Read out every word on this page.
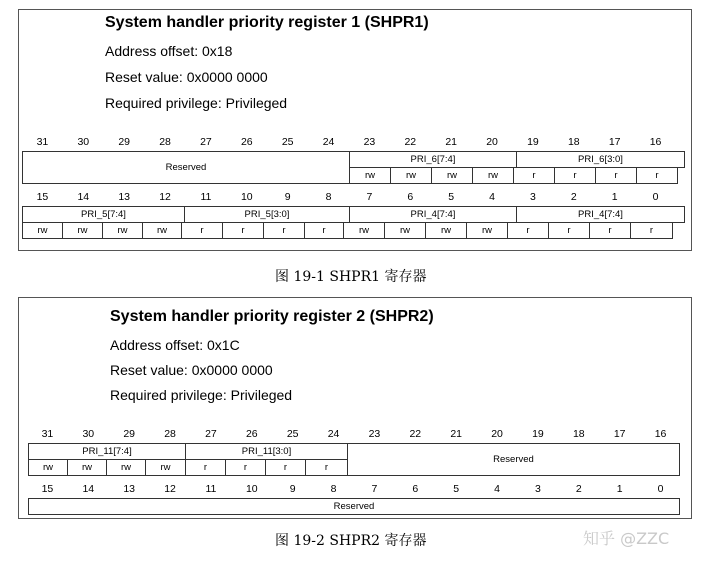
System handler priority register 1 (SHPR1)
Address offset: 0x18
Reset value: 0x0000 0000
Required privilege: Privileged
31	30	29	28	27	26	25	24	23	22	21	20	19	18	17	16
Reserved
PRI_6[7:4]	PRI_6[3:0]
rw	rw	rw	rw	r	r	r	r
15	14	13	12	11	10	9	8	7	6	5	4	3	2	1	0
PRI_5[7:4]	PRI_5[3:0]	PRI_4[7:4]	PRI_4[7:4]
rw	rw	rw	rw	r	r	r	r	rw	rw	rw	rw	r	r	r	r
图 19-1 SHPR1 寄存器
System handler priority register 2 (SHPR2)
Address offset: 0x1C
Reset value: 0x0000 0000
Required privilege: Privileged
31	30	29	28	27	26	25	24	23	22	21	20	19	18	17	16
PRI_11[7:4]	PRI_11[3:0]
Reserved
rw	rw	rw	rw	r	r	r	r
15	14	13	12	11	10	9	8	7	6	5	4	3	2	1	0
Reserved
图 19-2 SHPR2 寄存器	知乎 @ZZC
